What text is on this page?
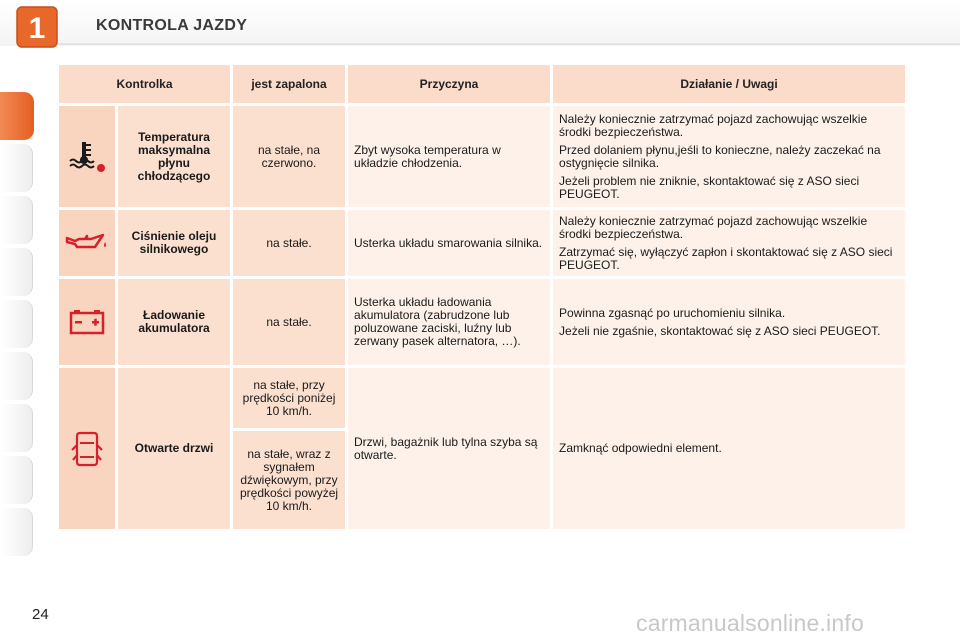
1	KONTROLA JAZDY
Kontrolka		jest zapalona	Przyczyna	Działanie / Uwagi

	Temperatura maksymalna płynu chłodzącego	na stałe, na czerwono.	Zbyt wysoka temperatura w układzie chłodzenia.	Należy koniecznie zatrzymać pojazd zachowując wszelkie środki bezpieczeństwa.

Przed dolaniem płynu,jeśli to konieczne, należy zaczekać na ostygnięcie silnika.

Jeżeli problem nie zniknie, skontaktować się z ASO sieci PEUGEOT.

	Ciśnienie oleju silnikowego	na stałe.	Usterka układu smarowania silnika.	Należy koniecznie zatrzymać pojazd zachowując wszelkie środki bezpieczeństwa.

Zatrzymać się, wyłączyć zapłon i skontaktować się z ASO sieci PEUGEOT.

	Ładowanie akumulatora	na stałe.	Usterka układu ładowania akumulatora (zabrudzone lub poluzowane zaciski, luźny lub zerwany pasek alternatora, …).	Powinna zgasnąć po uruchomieniu silnika.

Jeżeli nie zgaśnie, skontaktować się z ASO sieci PEUGEOT.

	Otwarte drzwi	na stałe, przy prędkości poniżej 10 km/h.	Drzwi, bagażnik lub tylna szyba są otwarte.	Zamknąć odpowiedni element.

		na stałe, wraz z sygnałem dźwiękowym, przy prędkości powyżej 10 km/h.		
24	carmanualsonline.info
